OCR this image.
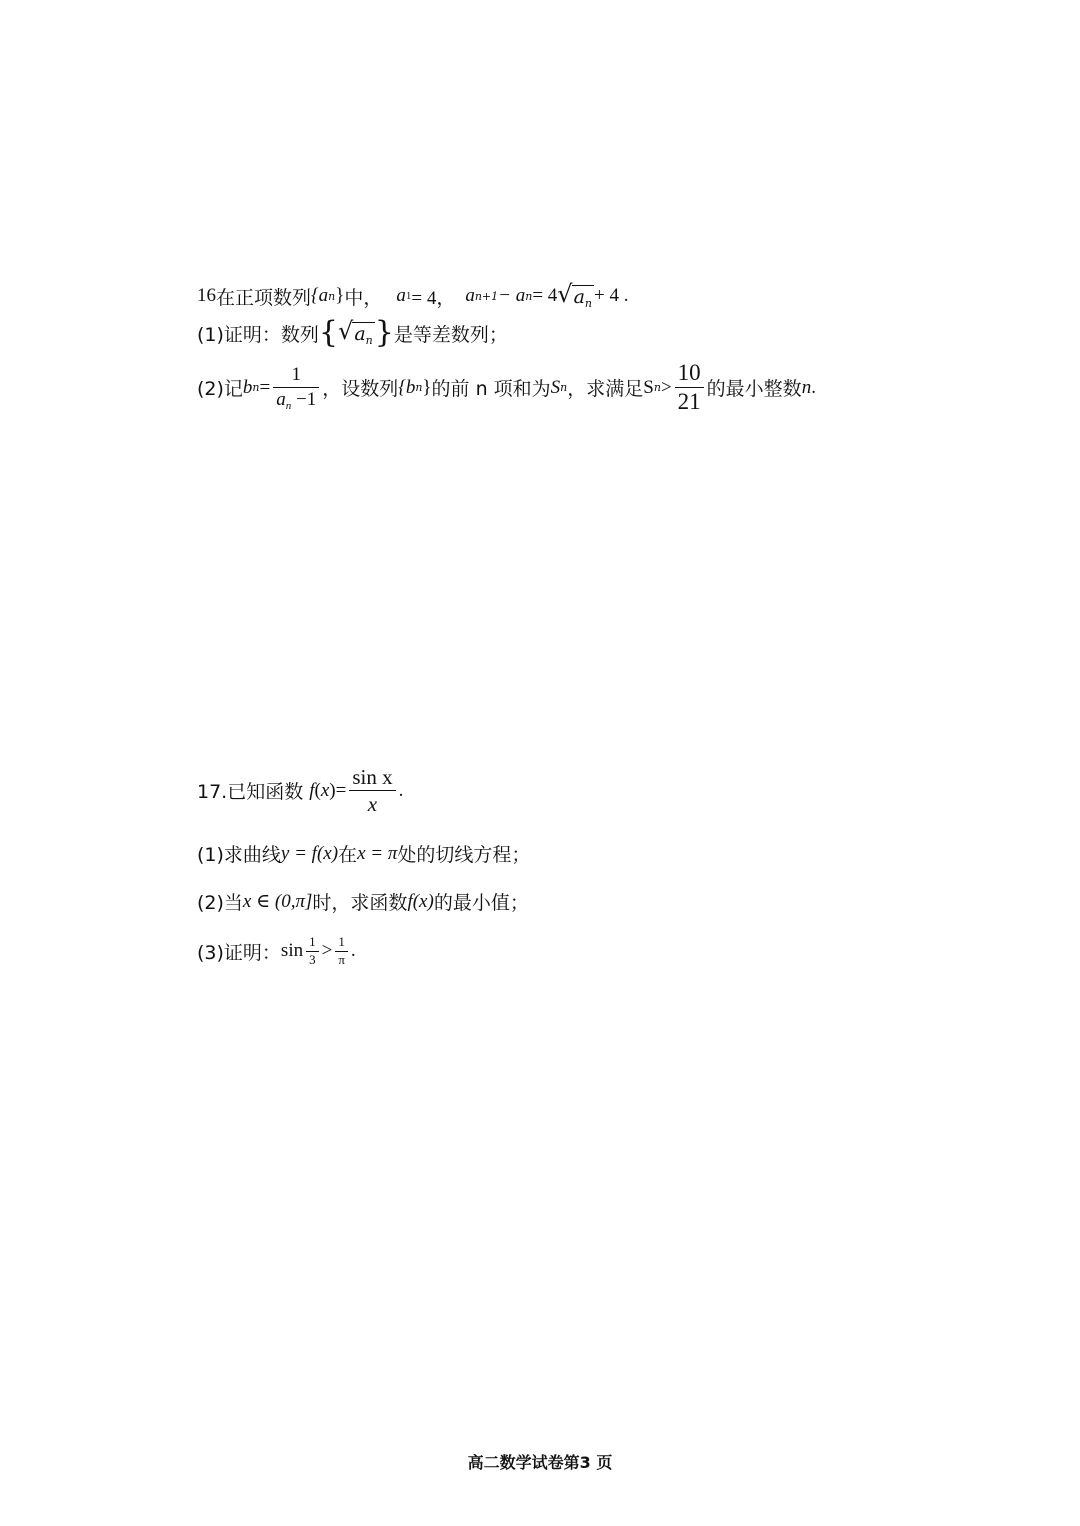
16 在正项数列 {a n } 中， a 1 = 4， a n+1 − a n = 4 √ $a_n + 4$ .
(1)证明：数列 { √ $a_n$ } 是等差数列；
(2)记 b $n = \frac{1}{a_n -1}$ ，设数列 {b n } 的前 n 项和为 S n ，求满足 S $n > \frac{10}{21}$ 的最小整数 n .
17.已知函数 f ( x ) = $\frac{\text{sin x}}{x}$ .
(1)求曲线 y = f(x) 在 x = π 处的切线方程；
(2)当 x ∈ (0,π] 时，求函数 f(x) 的最小值；
(3)证明： $\sin \frac{1}{3} > \frac{1}{\pi}$ .
高二数学试卷第3 页
